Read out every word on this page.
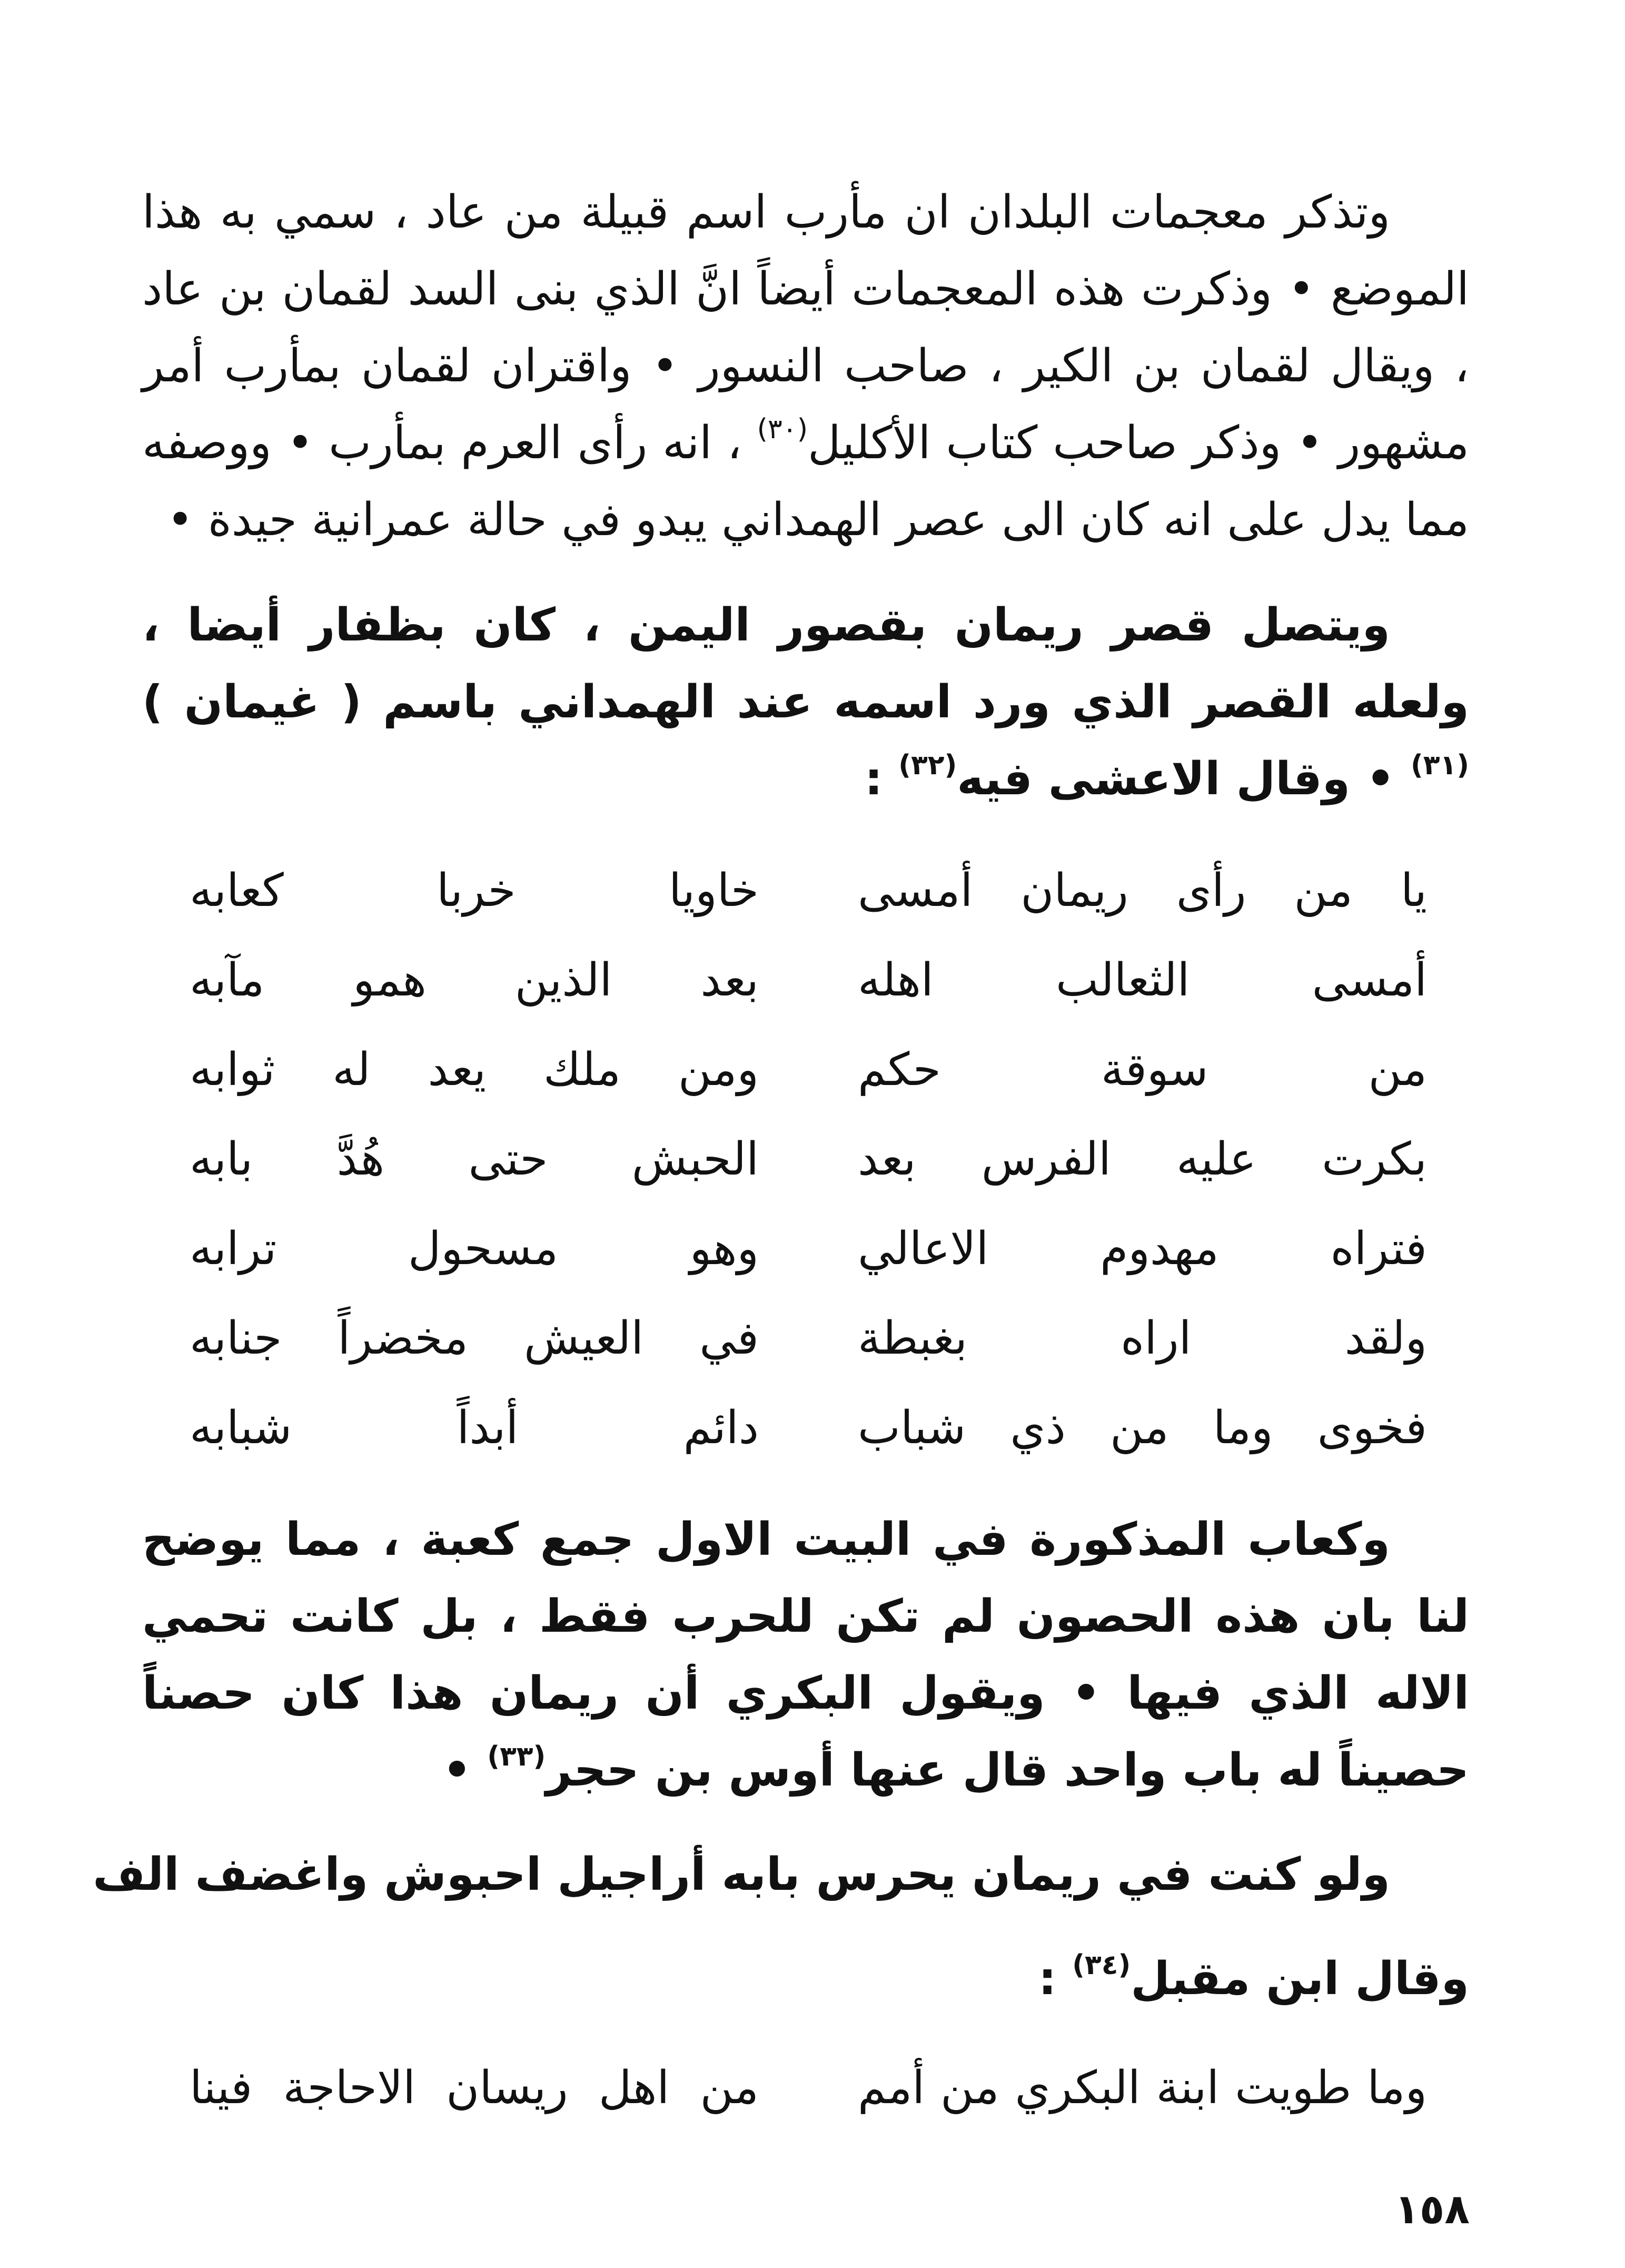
وتذكر معجمات البلدان ان مأرب اسم قبيلة من عاد ، سمي به هذا الموضع • وذكرت هذه المعجمات أيضاً انَّ الذي بنى السد لقمان بن عاد ، ويقال لقمان بن الكير ، صاحب النسور • واقتران لقمان بمأرب أمر مشهور • وذكر صاحب كتاب الأكليل$^{(٣٠)}$ ، انه رأى العرم بمأرب • ووصفه مما يدل على انه كان الى عصر الهمداني يبدو في حالة عمرانية جيدة •

ويتصل قصر ريمان بقصور اليمن ، كان بظفار أيضا ، ولعله القصر الذي ورد اسمه عند الهمداني باسم ( غيمان )$^{(٣١)}$ • وقال الاعشى فيه$^{(٣٢)}$ :

يا من رأى ريمان أمسى
خاويا خربا كعابه
أمسى الثعالب اهله
بعد الذين همو مآبه
من سوقة حكم
ومن ملك يعد له ثوابه
بكرت عليه الفرس بعد
الحبش حتى هُدَّ بابه
فتراه مهدوم الاعالي
وهو مسحول ترابه
ولقد اراه بغبطة
في العيش مخضراً جنابه
فخوى وما من ذي شباب
دائم أبداً شبابه

وكعاب المذكورة في البيت الاول جمع كعبة ، مما يوضح لنا بان هذه الحصون لم تكن للحرب فقط ، بل كانت تحمي الاله الذي فيها • ويقول البكري أن ريمان هذا كان حصناً حصيناً له باب واحد قال عنها أوس بن حجر$^{(٣٣)}$ •

ولو كنت في ريمان يحرس بابه أراجيل احبوش واغضف الف

وقال ابن مقبل$^{(٣٤)}$ :

وما طويت ابنة البكري من أمم
من اهل ريسان الاحاجة فينا
١٥٨
